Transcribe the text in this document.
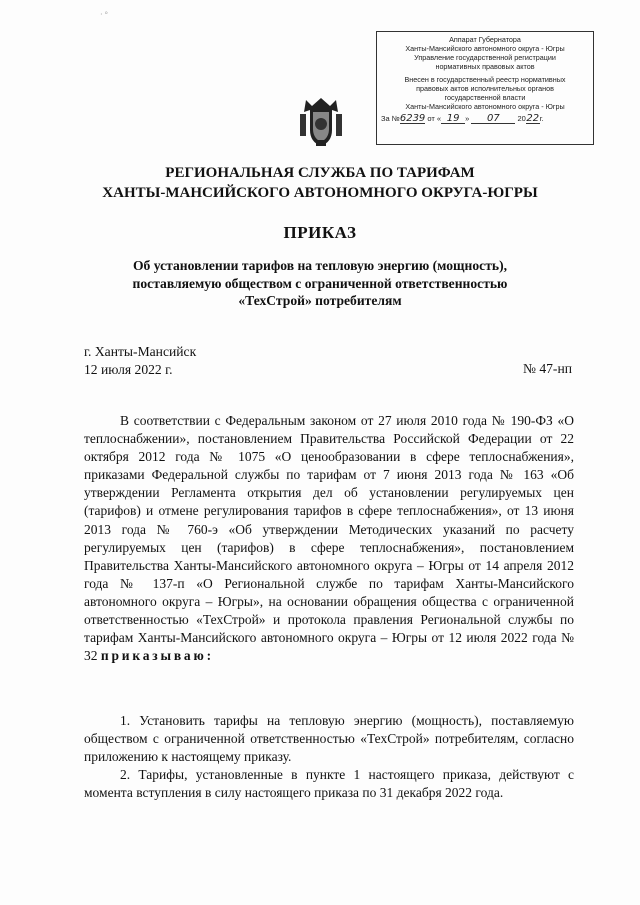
Аппарат Губернатора
Ханты-Мансийского автономного округа - Югры
Управление государственной регистрации
нормативных правовых актов
Внесен в государственный реестр нормативных
правовых актов исполнительных органов
государственной власти
Ханты-Мансийского автономного округа - Югры
За №6239 от « 19 » 07 2022г.
РЕГИОНАЛЬНАЯ СЛУЖБА ПО ТАРИФАМ
ХАНТЫ-МАНСИЙСКОГО АВТОНОМНОГО ОКРУГА-ЮГРЫ
ПРИКАЗ
Об установлении тарифов на тепловую энергию (мощность),
поставляемую обществом с ограниченной ответственностью
«ТехСтрой» потребителям
г. Ханты-Мансийск
12 июля 2022 г.	№ 47-нп
В соответствии с Федеральным законом от 27 июля 2010 года № 190-ФЗ «О теплоснабжении», постановлением Правительства Российской Федерации от 22 октября 2012 года № 1075 «О ценообразовании в сфере теплоснабжения», приказами Федеральной службы по тарифам от 7 июня 2013 года № 163 «Об утверждении Регламента открытия дел об установлении регулируемых цен (тарифов) и отмене регулирования тарифов в сфере теплоснабжения», от 13 июня 2013 года № 760-э «Об утверждении Методических указаний по расчету регулируемых цен (тарифов) в сфере теплоснабжения», постановлением Правительства Ханты-Мансийского автономного округа – Югры от 14 апреля 2012 года № 137-п «О Региональной службе по тарифам Ханты-Мансийского автономного округа – Югры», на основании обращения общества с ограниченной ответственностью «ТехСтрой» и протокола правления Региональной службы по тарифам Ханты-Мансийского автономного округа – Югры от 12 июля 2022 года № 32 приказываю:
1. Установить тарифы на тепловую энергию (мощность), поставляемую обществом с ограниченной ответственностью «ТехСтрой» потребителям, согласно приложению к настоящему приказу.
2. Тарифы, установленные в пункте 1 настоящего приказа, действуют с момента вступления в силу настоящего приказа по 31 декабря 2022 года.
· °
